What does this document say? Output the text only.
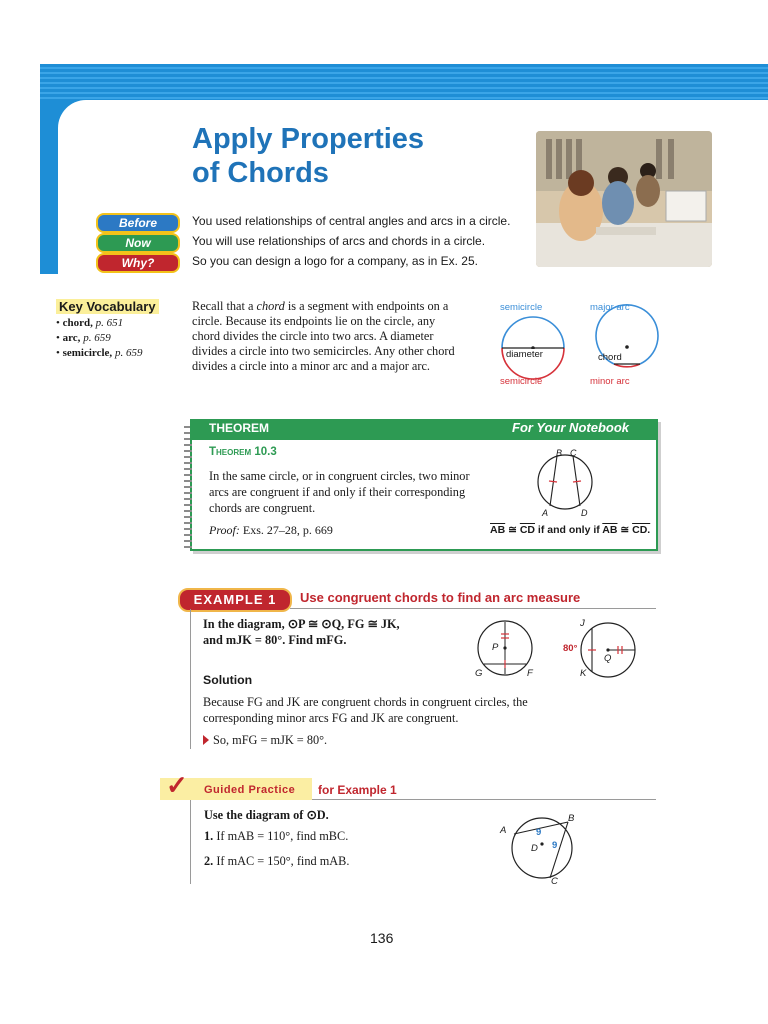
Apply Properties
of Chords
Before	You used relationships of central angles and arcs in a circle.
Now	You will use relationships of arcs and chords in a circle.
Why?	So you can design a logo for a company, as in Ex. 25.
Key Vocabulary
• chord, p. 651
• arc, p. 659
• semicircle, p. 659
Recall that a chord is a segment with endpoints on a circle. Because its endpoints lie on the circle, any chord divides the circle into two arcs. A diameter divides a circle into two semicircles. Any other chord divides a circle into a minor arc and a major arc.
semicircle
diameter
semicircle
major arc
chord
minor arc
THEOREM	For Your Notebook
Theorem 10.3
In the same circle, or in congruent circles, two minor arcs are congruent if and only if their corresponding chords are congruent.
Proof: Exs. 27–28, p. 669
B C
A	D
$\overline{AB}$ ≅ $\overline{CD}$ if and only if $\overline{AB}$ ≅ CD.
EXAMPLE 1	Use congruent chords to find an arc measure
In the diagram, ⊙P ≅ ⊙Q, FG ≅ JK,
and mJK = 80°. Find mFG.
P
G	F
J
Q
K
80°
Solution
Because FG and JK are congruent chords in congruent circles, the
corresponding minor arcs FG and JK are congruent.
So, mFG = mJK = 80°.
✓ Guided Practice for Example 1
Use the diagram of ⊙D.
1. If mAB = 110°, find mBC.
2. If mAC = 150°, find mAB.
A
B
C
D
9
9
136
